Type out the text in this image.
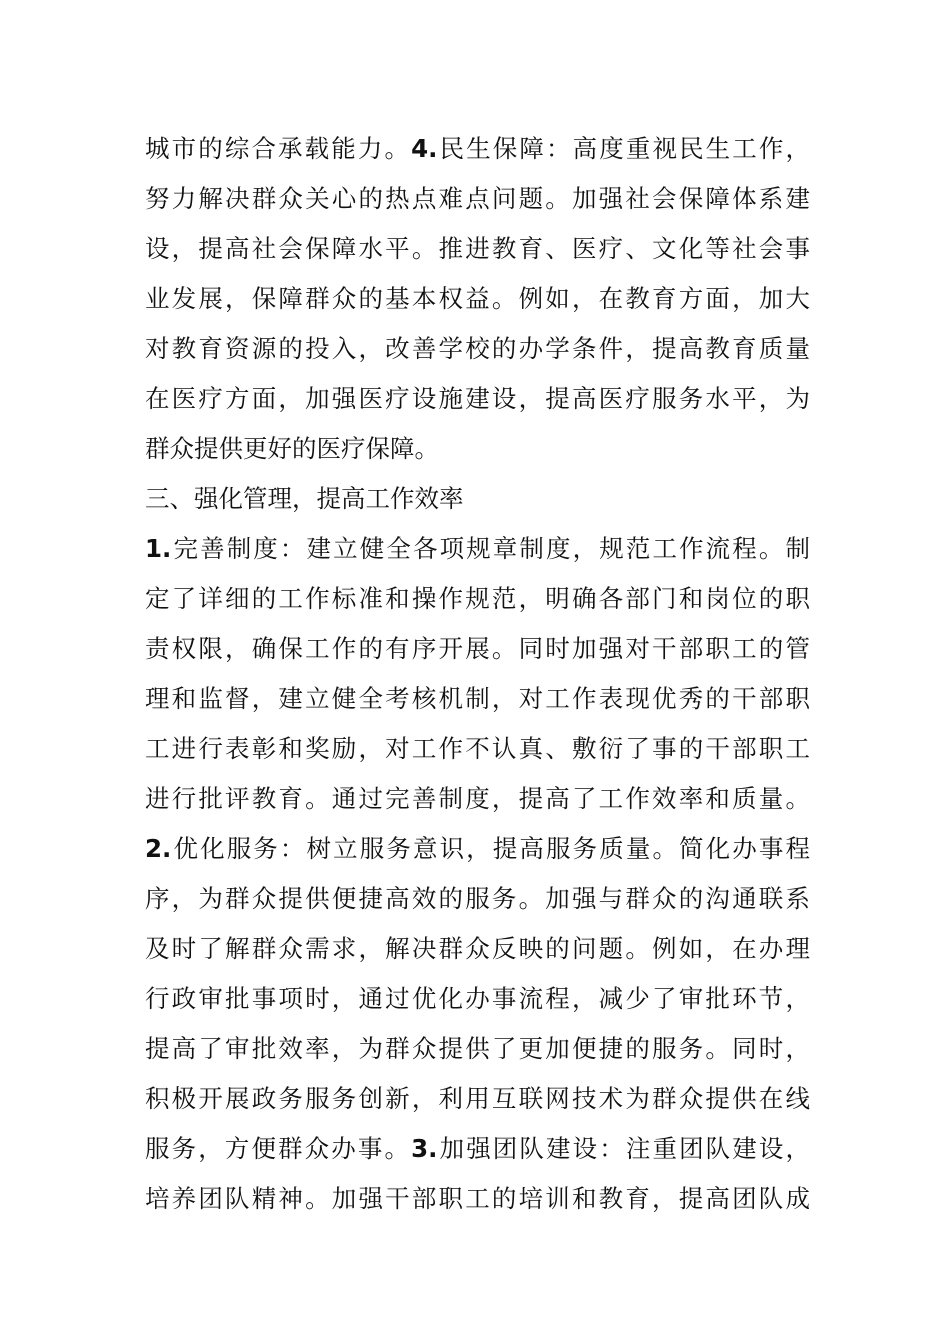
城市的综合承载能力。4.民生保障：高度重视民生工作，
努力解决群众关心的热点难点问题。加强社会保障体系建
设，提高社会保障水平。推进教育、医疗、文化等社会事
业发展，保障群众的基本权益。例如，在教育方面，加大
对教育资源的投入，改善学校的办学条件，提高教育质量
在医疗方面，加强医疗设施建设，提高医疗服务水平，为
群众提供更好的医疗保障。
三、强化管理，提高工作效率
1.完善制度：建立健全各项规章制度，规范工作流程。制
定了详细的工作标准和操作规范，明确各部门和岗位的职
责权限，确保工作的有序开展。同时加强对干部职工的管
理和监督，建立健全考核机制，对工作表现优秀的干部职
工进行表彰和奖励，对工作不认真、敷衍了事的干部职工
进行批评教育。通过完善制度，提高了工作效率和质量。
2.优化服务：树立服务意识，提高服务质量。简化办事程
序，为群众提供便捷高效的服务。加强与群众的沟通联系
及时了解群众需求，解决群众反映的问题。例如，在办理
行政审批事项时，通过优化办事流程，减少了审批环节，
提高了审批效率，为群众提供了更加便捷的服务。同时，
积极开展政务服务创新，利用互联网技术为群众提供在线
服务，方便群众办事。3.加强团队建设：注重团队建设，
培养团队精神。加强干部职工的培训和教育，提高团队成
